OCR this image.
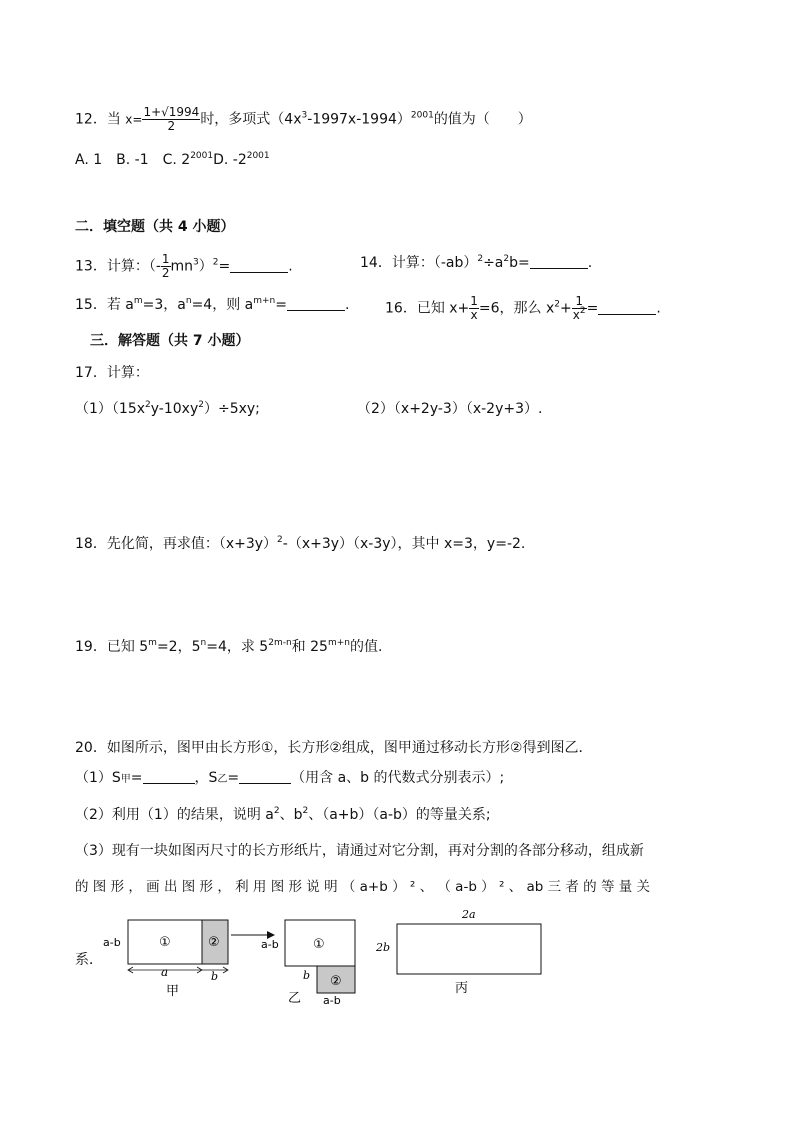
12．当 $x= \frac{1+√1994}{2}$ 时，多项式$(4x^3-1997x-1994)^{2001}$的值为（　　）
A. 1　B. -1　C. $2^{2001}D$. $-2^{2001}$
二．填空题（共 4 小题）
13．计算：（- $\frac{1}{2} mn^3)^2=$	.	14．计算：$(-ab)^2\div a^2b=$	.
15．若 $a^m=3$，$a^n=4$，则 $a^{m+n}=$	.	16．已知 $x+ \frac{1}{x} =6$，那么 $x^2+ \frac{1}{x^2}$ =	.
三．解答题（共 7 小题）
17．计算：
$(1)(15x^2y-10xy^2)\div 5xy$;	（2）（x+2y-3）（x-2y+3）.
18．先化简，再求值：$(x+3y)^2-(x+3y)(x-3y)$，其中 x=3，y=-2.
19．已知 $5^m=2$，$5^n=4$，求 $5^{2m-n}$和 $25^{m+n}$的值.
20．如图所示，图甲由长方形①，长方形②组成，图甲通过移动长方形②得到图乙．
（1）S甲=	，S乙=	（用含 a、b 的代数式分别表示）;
（2）利用（1）的结果，说明 $a^2$、$b^2$、（a+b）（a-b）的等量关系;
（3）现有一块如图丙尺寸的长方形纸片，请通过对它分割，再对分割的各部分移动，组成新
的 图 形 ， 画 出 图 形 ， 利 用 图 形 说 明 （ a+b ） ² 、 （ a-b ） ² 、 ab 三 者 的 等 量 关
系．
a-b	①	②
a	b
甲
a-b	①
②
b
a-b
乙
2a
2b
丙
